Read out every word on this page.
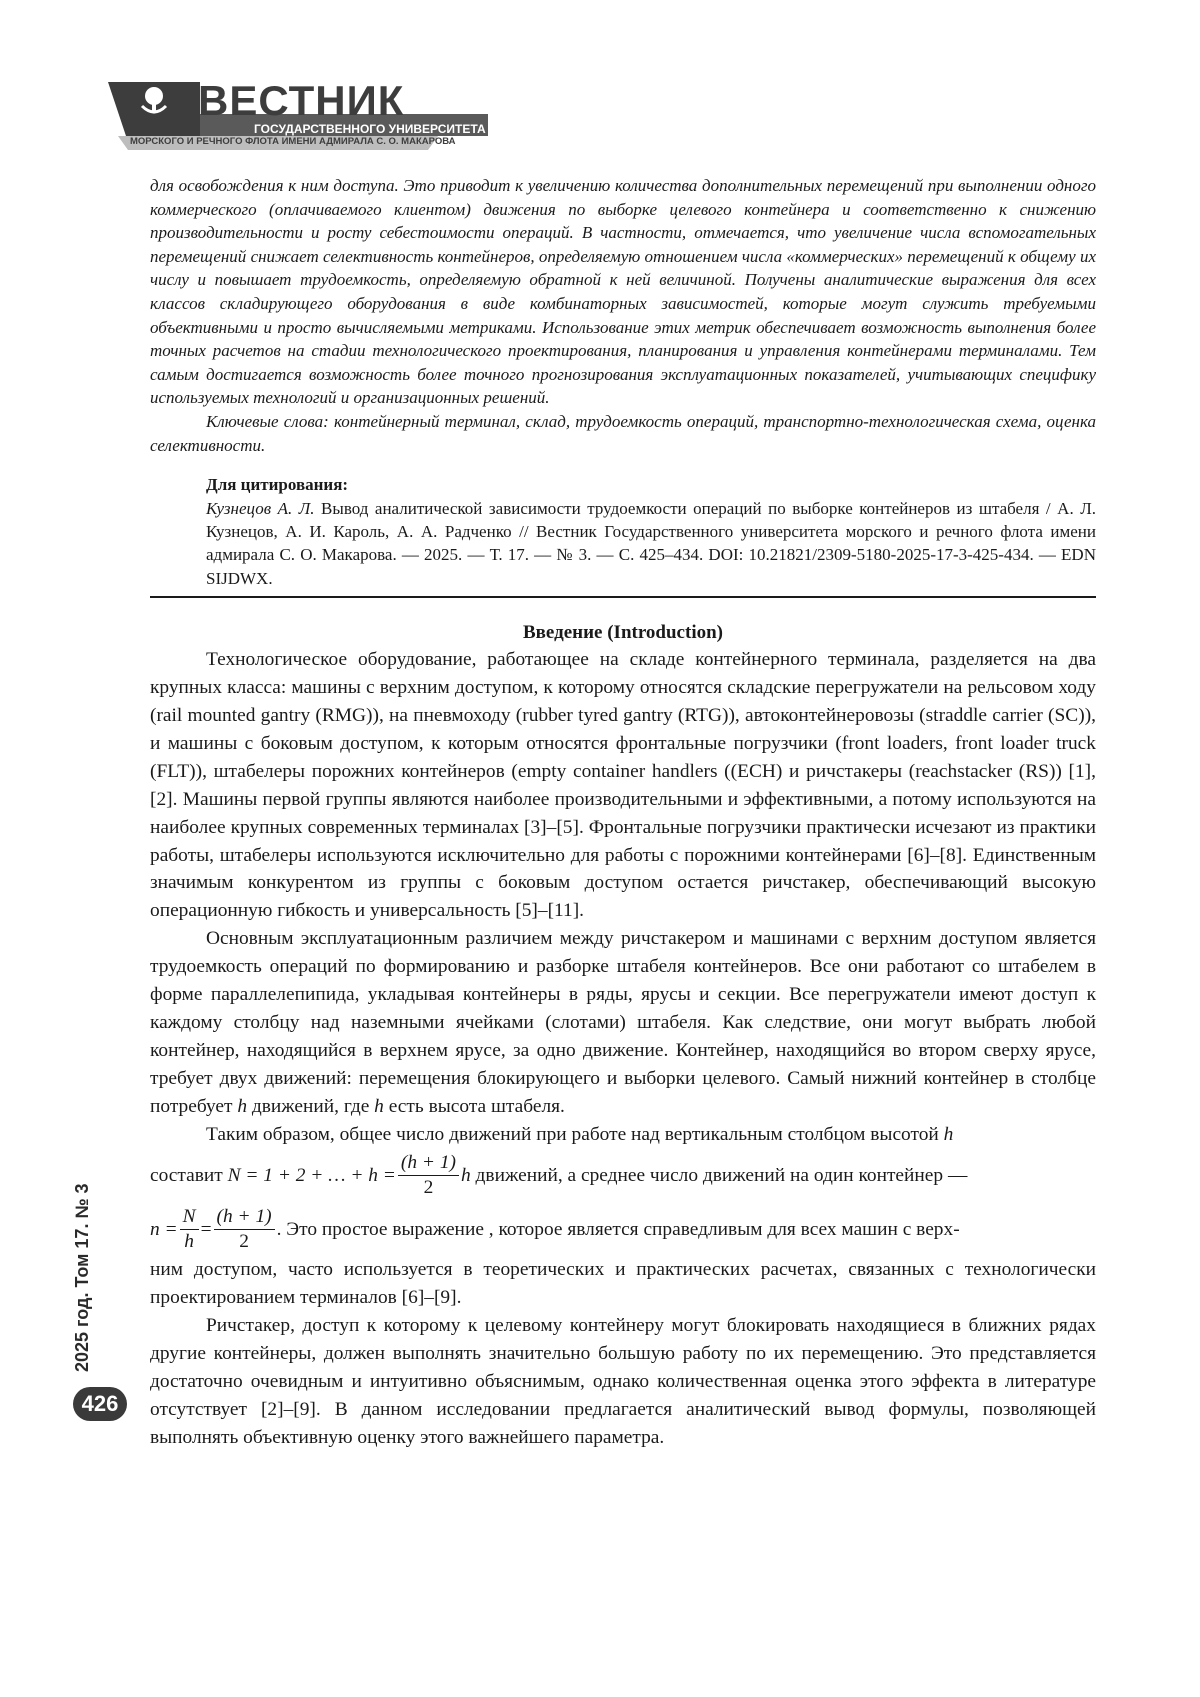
ВЕСТНИК
ГОСУДАРСТВЕННОГО УНИВЕРСИТЕТА
МОРСКОГО И РЕЧНОГО ФЛОТА ИМЕНИ АДМИРАЛА С. О. МАКАРОВА

для освобождения к ним доступа. Это приводит к увеличению количества дополнительных перемещений при выполнении одного коммерческого (оплачиваемого клиентом) движения по выборке целевого контейнера и соответственно к снижению производительности и росту себестоимости операций. В частности, отмечается, что увеличение числа вспомогательных перемещений снижает селективность контейнеров, определяемую отношением числа «коммерческих» перемещений к общему их числу и повышает трудоемкость, определяемую обратной к ней величиной. Получены аналитические выражения для всех классов складирующего оборудования в виде комбинаторных зависимостей, которые могут служить требуемыми объективными и просто вычисляемыми метриками. Использование этих метрик обеспечивает возможность выполнения более точных расчетов на стадии технологического проектирования, планирования и управления контейнерами терминалами. Тем самым достигается возможность более точного прогнозирования эксплуатационных показателей, учитывающих специфику используемых технологий и организационных решений.

Ключевые слова: контейнерный терминал, склад, трудоемкость операций, транспортно-технологическая схема, оценка селективности.

Для цитирования:
Кузнецов А. Л. Вывод аналитической зависимости трудоемкости операций по выборке контейнеров из штабеля / А. Л. Кузнецов, А. И. Кароль, А. А. Радченко // Вестник Государственного университета морского и речного флота имени адмирала С. О. Макарова. — 2025. — Т. 17. — № 3. — С. 425–434. DOI: 10.21821/2309-5180-2025-17-3-425-434. — EDN SIJDWX.
Введение (Introduction)

Технологическое оборудование, работающее на складе контейнерного терминала, разделяется на два крупных класса: машины с верхним доступом, к которому относятся складские перегружатели на рельсовом ходу (rail mounted gantry (RMG)), на пневмоходу (rubber tyred gantry (RTG)), автоконтейнеровозы (straddle carrier (SC)), и машины с боковым доступом, к которым относятся фронтальные погрузчики (front loaders, front loader truck (FLT)), штабелеры порожних контейнеров (empty container handlers ((ECH) и ричстакеры (reachstacker (RS)) [1], [2]. Машины первой группы являются наиболее производительными и эффективными, а потому используются на наиболее крупных современных терминалах [3]–[5]. Фронтальные погрузчики практически исчезают из практики работы, штабелеры используются исключительно для работы с порожними контейнерами [6]–[8]. Единственным значимым конкурентом из группы с боковым доступом остается ричстакер, обеспечивающий высокую операционную гибкость и универсальность [5]–[11].

Основным эксплуатационным различием между ричстакером и машинами с верхним доступом является трудоемкость операций по формированию и разборке штабеля контейнеров. Все они работают со штабелем в форме параллелепипида, укладывая контейнеры в ряды, ярусы и секции. Все перегружатели имеют доступ к каждому столбцу над наземными ячейками (слотами) штабеля. Как следствие, они могут выбрать любой контейнер, находящийся в верхнем ярусе, за одно движение. Контейнер, находящийся во втором сверху ярусе, требует двух движений: перемещения блокирующего и выборки целевого. Самый нижний контейнер в столбце потребует h движений, где h есть высота штабеля.

Таким образом, общее число движений при работе над вертикальным столбцом высотой h

составит
N = 1 + 2 + … + $h = \frac{(h + 1)}{2}$ h движений, а среднее число движений на один контейнер —
$n = \frac{N}{h} = \frac{(h + 1)}{2}$ . Это простое выражение , которое является справедливым для всех машин с верх-

ним доступом, часто используется в теоретических и практических расчетах, связанных с технологически проектированием терминалов [6]–[9].

Ричстакер, доступ к которому к целевому контейнеру могут блокировать находящиеся в ближних рядах другие контейнеры, должен выполнять значительно большую работу по их перемещению. Это представляется достаточно очевидным и интуитивно объяснимым, однако количественная оценка этого эффекта в литературе отсутствует [2]–[9]. В данном исследовании предлагается аналитический вывод формулы, позволяющей выполнять объективную оценку этого важнейшего параметра.

2025 год. Том 17. № 3
426
